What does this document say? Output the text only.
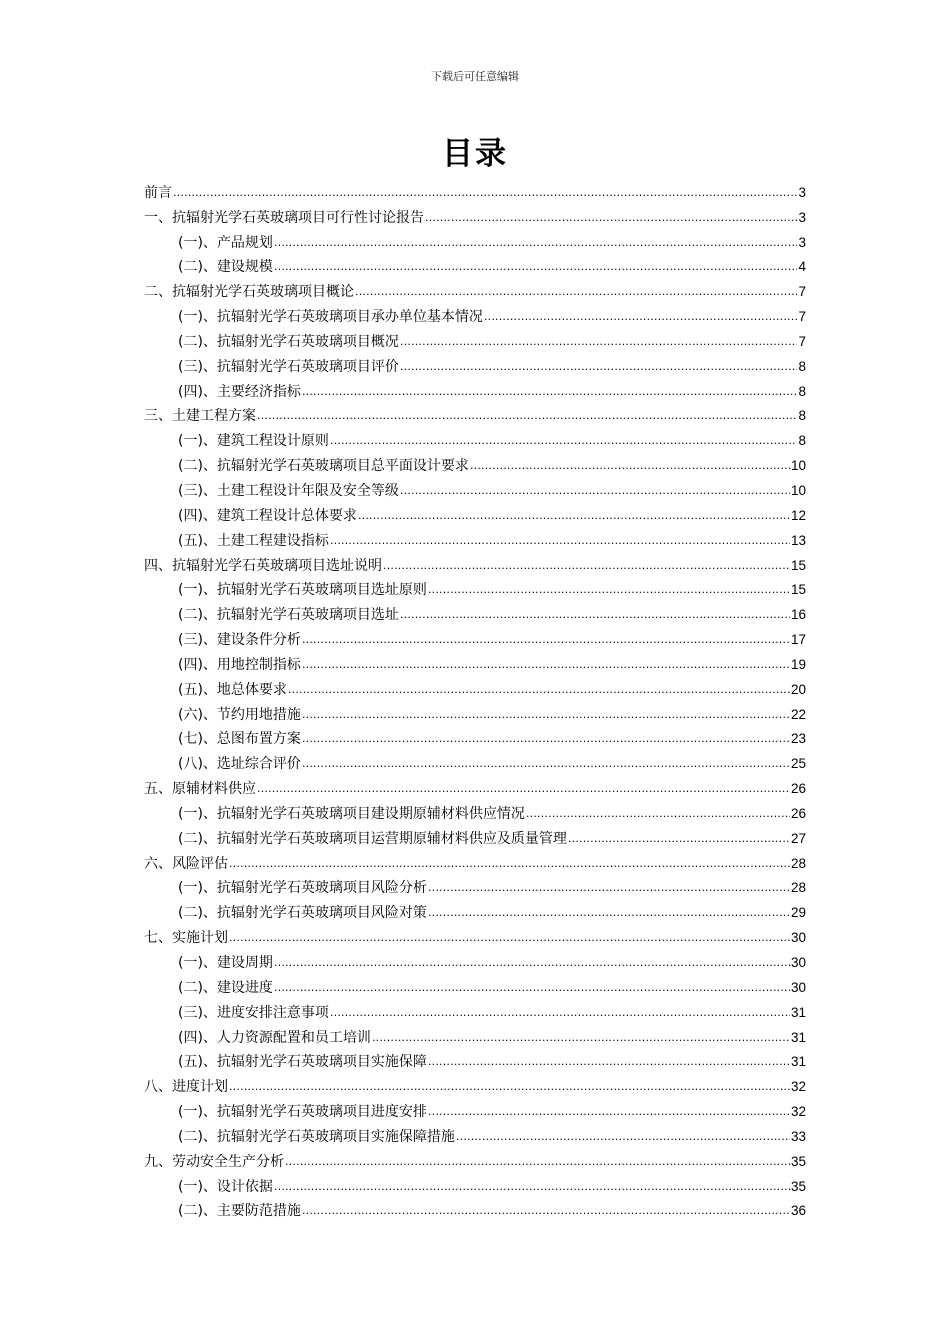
下载后可任意编辑
目录
前言 .....	3
一、抗辐射光学石英玻璃项目可行性讨论报告 .....	3
(一)、产品规划 .....	3
(二)、建设规模 .....	4
二、抗辐射光学石英玻璃项目概论 .....	7
(一)、抗辐射光学石英玻璃项目承办单位基本情况 .....	7
(二)、抗辐射光学石英玻璃项目概况 .....	7
(三)、抗辐射光学石英玻璃项目评价 .....	8
(四)、主要经济指标 .....	8
三、土建工程方案 .....	8
(一)、建筑工程设计原则 .....	8
(二)、抗辐射光学石英玻璃项目总平面设计要求 .....	10
(三)、土建工程设计年限及安全等级 .....	10
(四)、建筑工程设计总体要求 .....	12
(五)、土建工程建设指标 .....	13
四、抗辐射光学石英玻璃项目选址说明 .....	15
(一)、抗辐射光学石英玻璃项目选址原则 .....	15
(二)、抗辐射光学石英玻璃项目选址 .....	16
(三)、建设条件分析 .....	17
(四)、用地控制指标 .....	19
(五)、地总体要求 .....	20
(六)、节约用地措施 .....	22
(七)、总图布置方案 .....	23
(八)、选址综合评价 .....	25
五、原辅材料供应 .....	26
(一)、抗辐射光学石英玻璃项目建设期原辅材料供应情况 .....	26
(二)、抗辐射光学石英玻璃项目运营期原辅材料供应及质量管理 .....	27
六、风险评估 .....	28
(一)、抗辐射光学石英玻璃项目风险分析 .....	28
(二)、抗辐射光学石英玻璃项目风险对策 .....	29
七、实施计划 .....	30
(一)、建设周期 .....	30
(二)、建设进度 .....	30
(三)、进度安排注意事项 .....	31
(四)、人力资源配置和员工培训 .....	31
(五)、抗辐射光学石英玻璃项目实施保障 .....	31
八、进度计划 .....	32
(一)、抗辐射光学石英玻璃项目进度安排 .....	32
(二)、抗辐射光学石英玻璃项目实施保障措施 .....	33
九、劳动安全生产分析 .....	35
(一)、设计依据 .....	35
(二)、主要防范措施 .....	36
